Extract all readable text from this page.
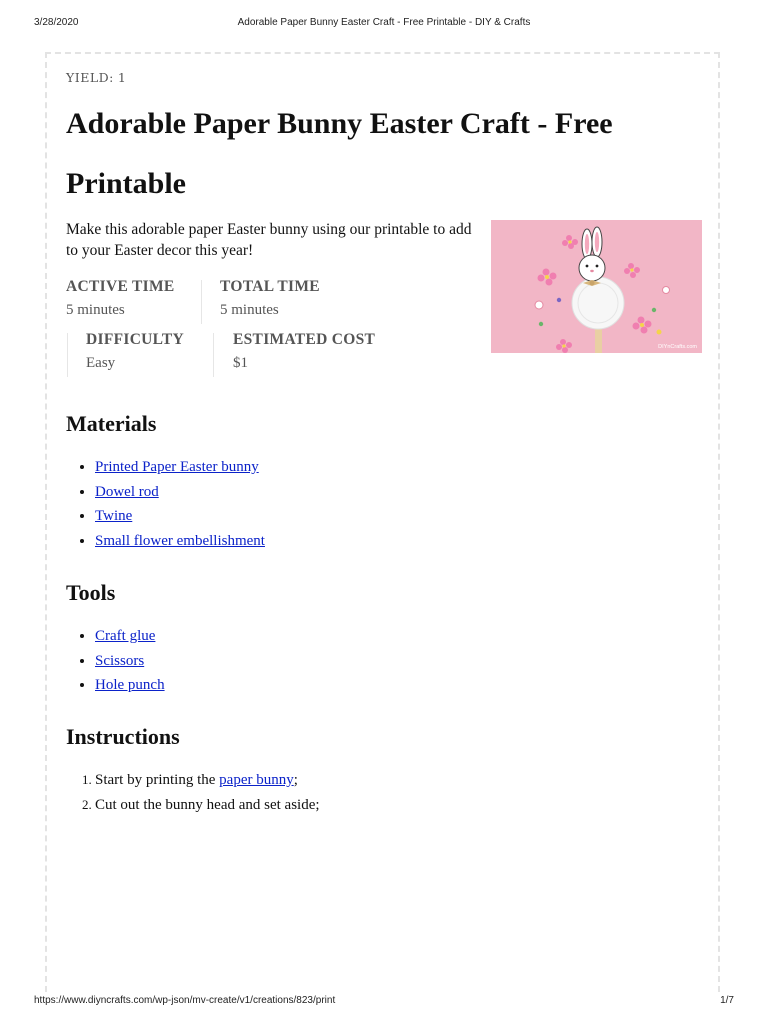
3/28/2020	Adorable Paper Bunny Easter Craft - Free Printable - DIY & Crafts
YIELD: 1
Adorable Paper Bunny Easter Craft - Free
Printable

Make this adorable paper Easter bunny using our printable to add to your Easter decor this year!

DIYnCrafts.com
ACTIVE TIME
5 minutes
TOTAL TIME
5 minutes
DIFFICULTY
Easy
ESTIMATED COST
$1
Materials
• Printed Paper Easter bunny
• Dowel rod
• Twine
• Small flower embellishment
Tools
• Craft glue
• Scissors
• Hole punch
Instructions
1. Start by printing the paper bunny;
2. Cut out the bunny head and set aside;
https://www.diyncrafts.com/wp-json/mv-create/v1/creations/823/print	1/7
